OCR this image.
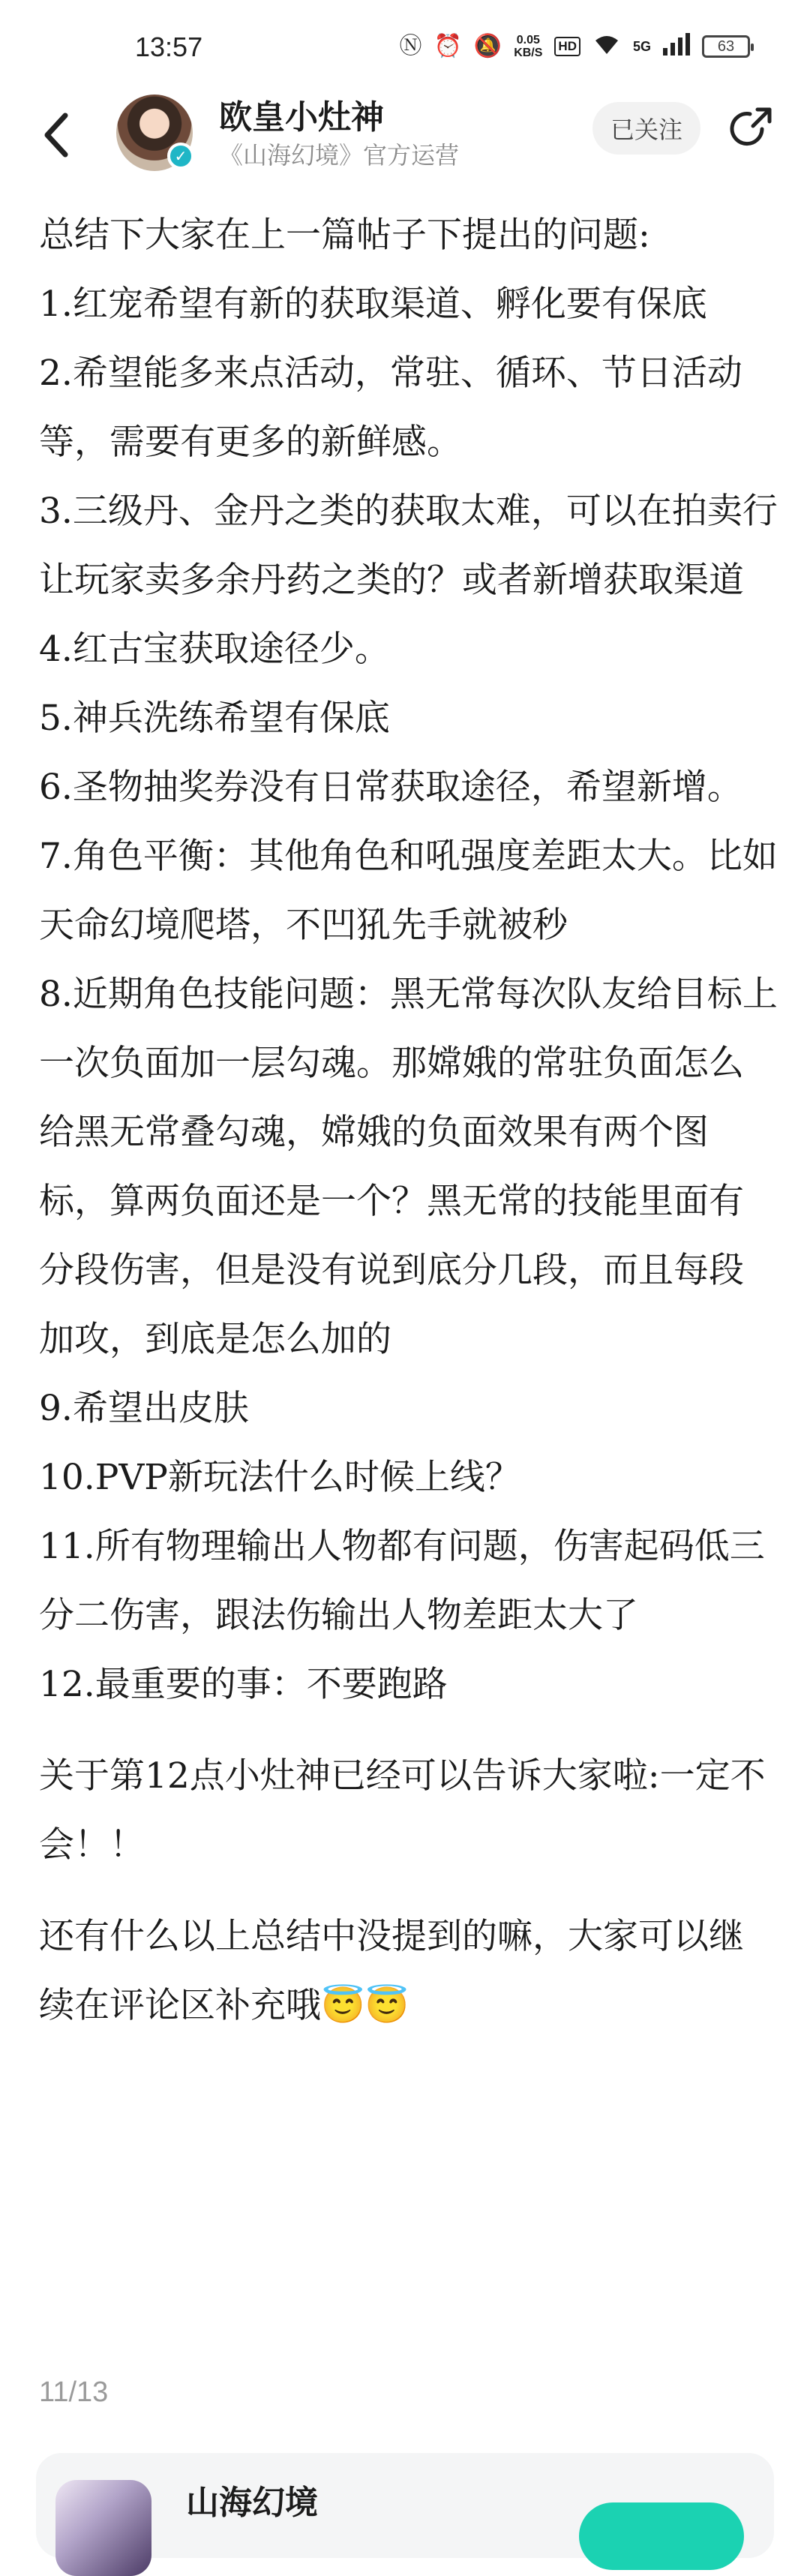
13:57	Ⓝ ⏰ 🔕 0.05
KB/S HD	5G	63
✓
欧皇小灶神
《山海幻境》官方运营
已关注

总结下大家在上一篇帖子下提出的问题:

1.红宠希望有新的获取渠道、孵化要有保底

2.希望能多来点活动，常驻、循环、节日活动等，需要有更多的新鲜感。

3.三级丹、金丹之类的获取太难，可以在拍卖行让玩家卖多余丹药之类的？或者新增获取渠道

4.红古宝获取途径少。

5.神兵洗练希望有保底

6.圣物抽奖券没有日常获取途径，希望新增。

7.角色平衡：其他角色和吼强度差距太大。比如天命幻境爬塔，不凹犼先手就被秒

8.近期角色技能问题：黑无常每次队友给目标上一次负面加一层勾魂。那嫦娥的常驻负面怎么给黑无常叠勾魂，嫦娥的负面效果有两个图标，算两负面还是一个？黑无常的技能里面有分段伤害，但是没有说到底分几段，而且每段加攻，到底是怎么加的

9.希望出皮肤

10.PVP新玩法什么时候上线？

11.所有物理输出人物都有问题，伤害起码低三分二伤害，跟法伤输出人物差距太大了

12.最重要的事：不要跑路

关于第12点小灶神已经可以告诉大家啦:一定不会！！

还有什么以上总结中没提到的嘛，大家可以继续在评论区补充哦😇😇

11/13
山海幻境
